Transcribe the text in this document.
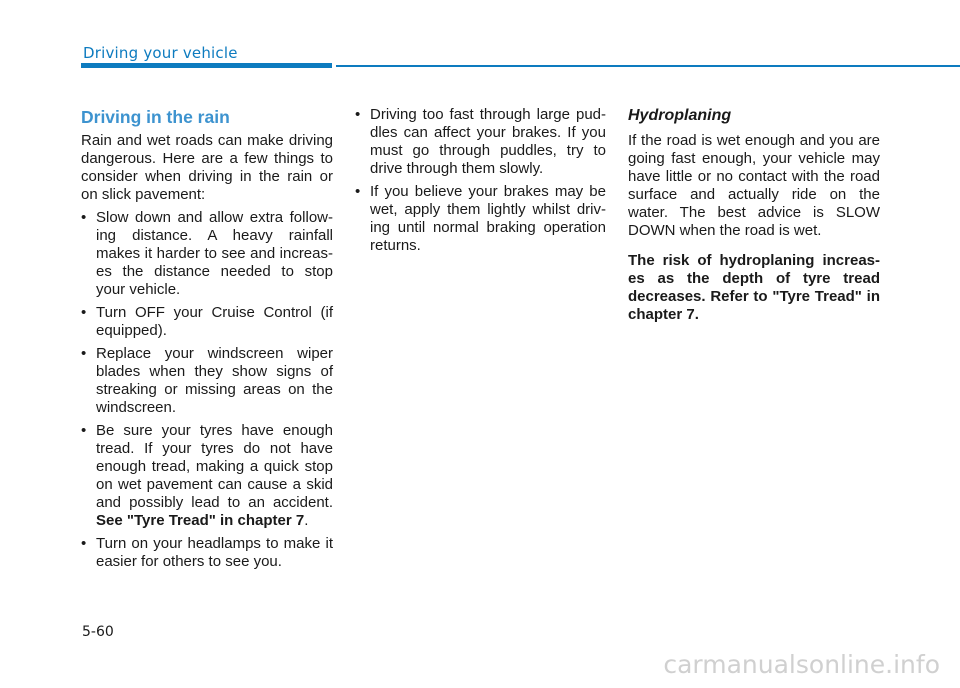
Driving your vehicle
Driving in the rain

Rain and wet roads can make driving dangerous. Here are a few things to consider when driving in the rain or on slick pavement:

• Slow down and allow extra follow-ing distance. A heavy rainfall makes it harder to see and increas-es the distance needed to stop your vehicle.
• Turn OFF your Cruise Control (if equipped).
• Replace your windscreen wiper blades when they show signs of streaking or missing areas on the windscreen.
• Be sure your tyres have enough tread. If your tyres do not have enough tread, making a quick stop on wet pavement can cause a skid and possibly lead to an accident. See "Tyre Tread" in chapter 7.
• Turn on your headlamps to make it easier for others to see you.
• Driving too fast through large pud-dles can affect your brakes. If you must go through puddles, try to drive through them slowly.
• If you believe your brakes may be wet, apply them lightly whilst driv-ing until normal braking operation returns.
Hydroplaning

If the road is wet enough and you are going fast enough, your vehicle may have little or no contact with the road surface and actually ride on the water. The best advice is SLOW DOWN when the road is wet.

The risk of hydroplaning increas-es as the depth of tyre tread decreases. Refer to "Tyre Tread" in chapter 7.

5-60
carmanualsonline.info
